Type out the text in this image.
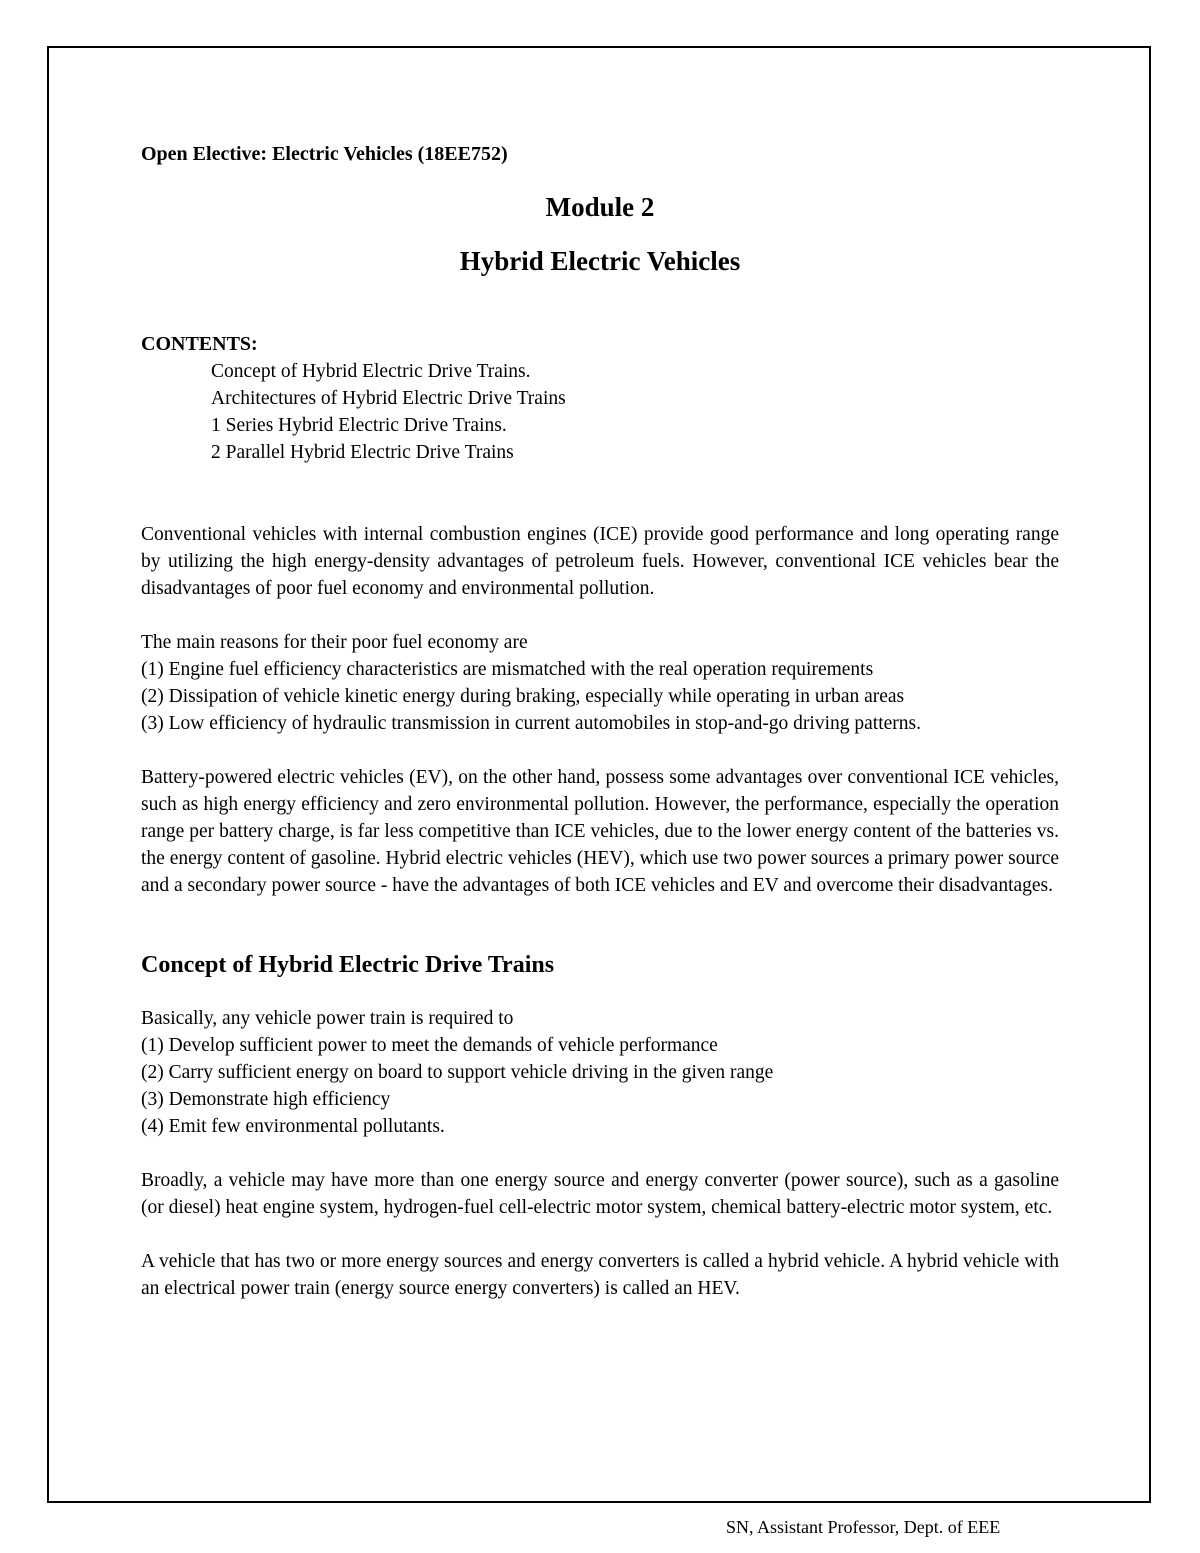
Open Elective: Electric Vehicles (18EE752)

Module 2
Hybrid Electric Vehicles
CONTENTS:
Concept of Hybrid Electric Drive Trains.
Architectures of Hybrid Electric Drive Trains
1 Series Hybrid Electric Drive Trains.
2 Parallel Hybrid Electric Drive Trains

Conventional vehicles with internal combustion engines (ICE) provide good performance and long operating range by utilizing the high energy-density advantages of petroleum fuels. However, conventional ICE vehicles bear the disadvantages of poor fuel economy and environmental pollution.

The main reasons for their poor fuel economy are

(1) Engine fuel efficiency characteristics are mismatched with the real operation requirements
(2) Dissipation of vehicle kinetic energy during braking, especially while operating in urban areas
(3) Low efficiency of hydraulic transmission in current automobiles in stop-and-go driving patterns.

Battery-powered electric vehicles (EV), on the other hand, possess some advantages over conventional ICE vehicles, such as high energy efficiency and zero environmental pollution. However, the performance, especially the operation range per battery charge, is far less competitive than ICE vehicles, due to the lower energy content of the batteries vs. the energy content of gasoline. Hybrid electric vehicles (HEV), which use two power sources a primary power source and a secondary power source - have the advantages of both ICE vehicles and EV and overcome their disadvantages.

Concept of Hybrid Electric Drive Trains

Basically, any vehicle power train is required to

(1) Develop sufficient power to meet the demands of vehicle performance
(2) Carry sufficient energy on board to support vehicle driving in the given range
(3) Demonstrate high efficiency
(4) Emit few environmental pollutants.

Broadly, a vehicle may have more than one energy source and energy converter (power source), such as a gasoline (or diesel) heat engine system, hydrogen-fuel cell-electric motor system, chemical battery-electric motor system, etc.

A vehicle that has two or more energy sources and energy converters is called a hybrid vehicle. A hybrid vehicle with an electrical power train (energy source energy converters) is called an HEV.

SN, Assistant Professor, Dept. of EEE
